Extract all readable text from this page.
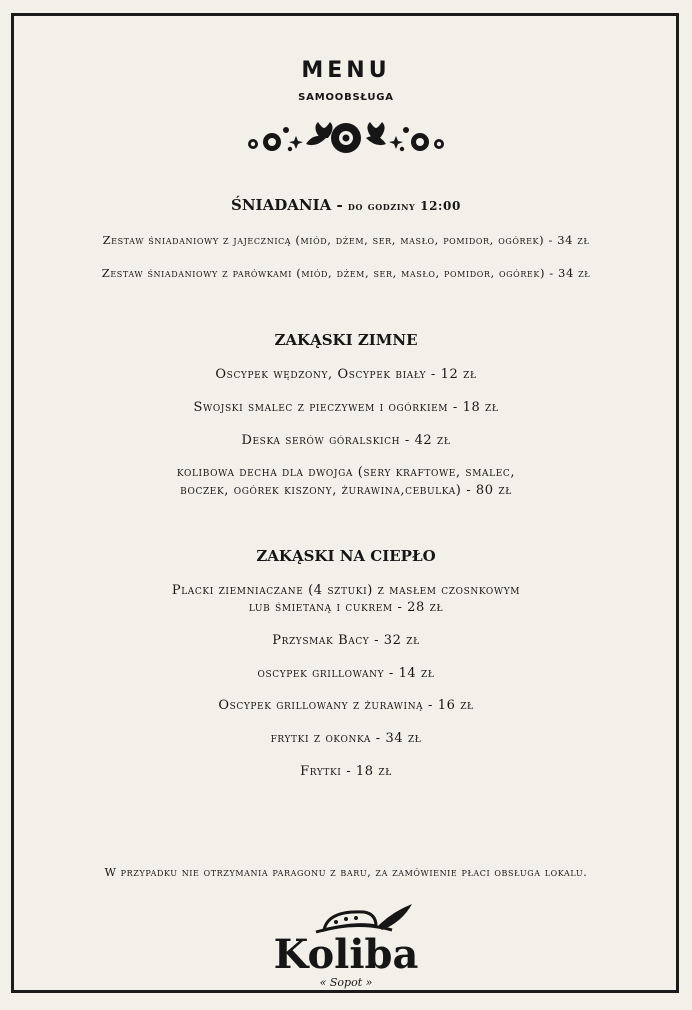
MENU
SAMOOBSŁUGA
ŚNIADANIA - do godziny 12:00
Zestaw śniadaniowy z jajecznicą (miód, dżem, ser, masło, pomidor, ogórek) - 34 zł
Zestaw śniadaniowy z parówkami (miód, dżem, ser, masło, pomidor, ogórek) - 34 zł
ZAKĄSKI ZIMNE
Oscypek wędzony, Oscypek biały - 12 zł
Swojski smalec z pieczywem i ogórkiem - 18 zł
Deska serów góralskich - 42 zł
kolibowa decha dla dwojga (sery kraftowe, smalec,
boczek, ogórek kiszony, żurawina,cebulka) - 80 zł
ZAKĄSKI NA CIEPŁO
Placki ziemniaczane (4 sztuki) z masłem czosnkowym
lub śmietaną i cukrem - 28 zł
Przysmak Bacy - 32 zł
oscypek grillowany - 14 zł
Oscypek grillowany z żurawiną - 16 zł
frytki z okonka - 34 zł
Frytki - 18 zł
W przypadku nie otrzymania paragonu z baru, za zamówienie płaci obsługa lokalu.
Koliba
« Sopot »
